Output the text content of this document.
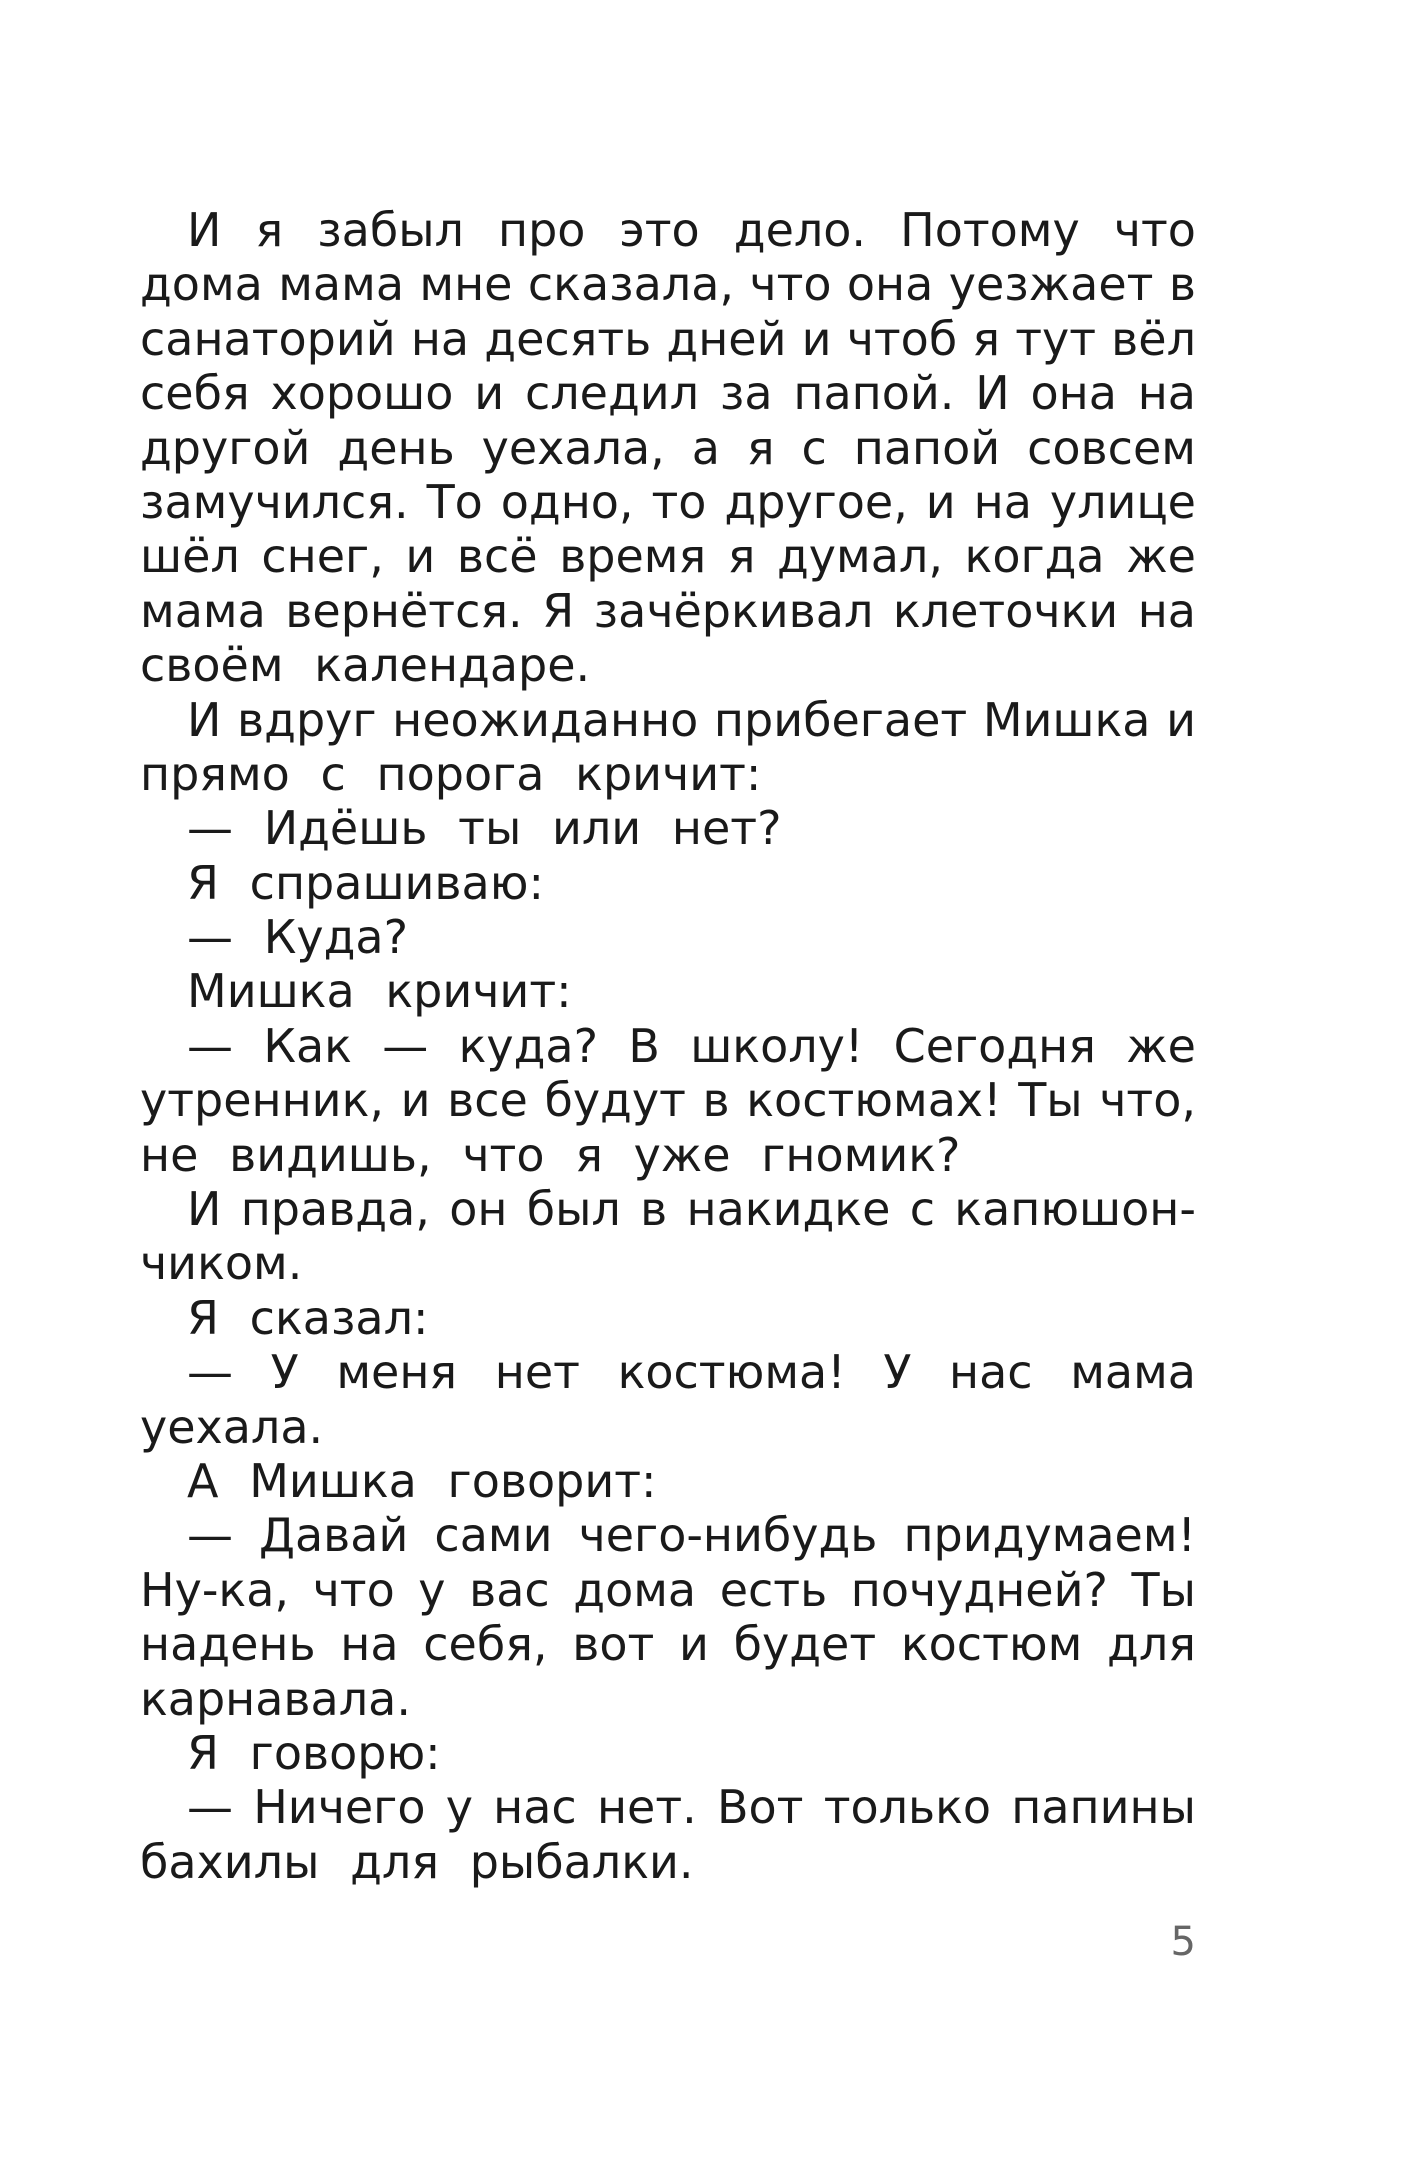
И я забыл про это дело. Потому что
дома мама мне сказала, что она уезжает в
санаторий на десять дней и чтоб я тут вёл
себя хорошо и следил за папой. И она на
другой день уехала, а я с папой совсем
замучился. То одно, то другое, и на улице
шёл снег, и всё время я думал, когда же
мама вернётся. Я зачёркивал клеточки на
своём календаре.
И вдруг неожиданно прибегает Мишка и
прямо с порога кричит:
— Идёшь ты или нет?
Я спрашиваю:
— Куда?
Мишка кричит:
— Как — куда? В школу! Сегодня же
утренник, и все будут в костюмах! Ты что,
не видишь, что я уже гномик?
И правда, он был в накидке с капюшон-
чиком.
Я сказал:
— У меня нет костюма! У нас мама
уехала.
А Мишка говорит:
— Давай сами чего-нибудь придумаем!
Ну-ка, что у вас дома есть почудней? Ты
надень на себя, вот и будет костюм для
карнавала.
Я говорю:
— Ничего у нас нет. Вот только папины
бахилы для рыбалки.
5
